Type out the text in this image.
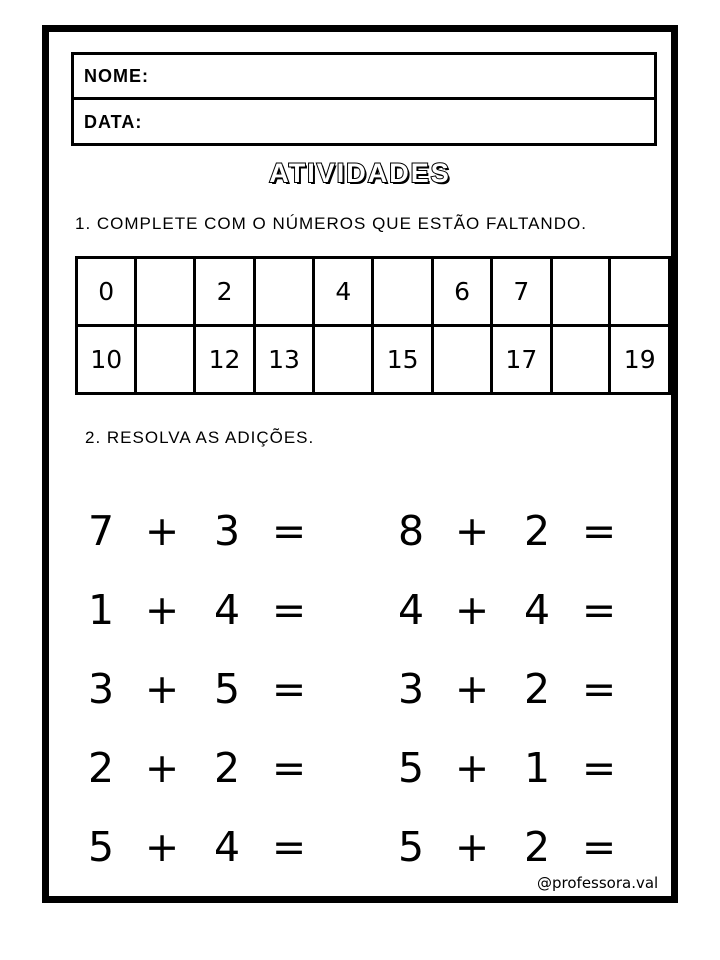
NOME:
DATA:
ATIVIDADES
1. COMPLETE COM O NÚMEROS QUE ESTÃO FALTANDO.
0		2		4		6	7		
10		12	13		15		17		19
2. RESOLVA AS ADIÇÕES.
7 + 3 =
1 + 4 =
3 + 5 =
2 + 2 =
5 + 4 =
8 + 2 =
4 + 4 =
3 + 2 =
5 + 1 =
5 + 2 =
@professora.val
